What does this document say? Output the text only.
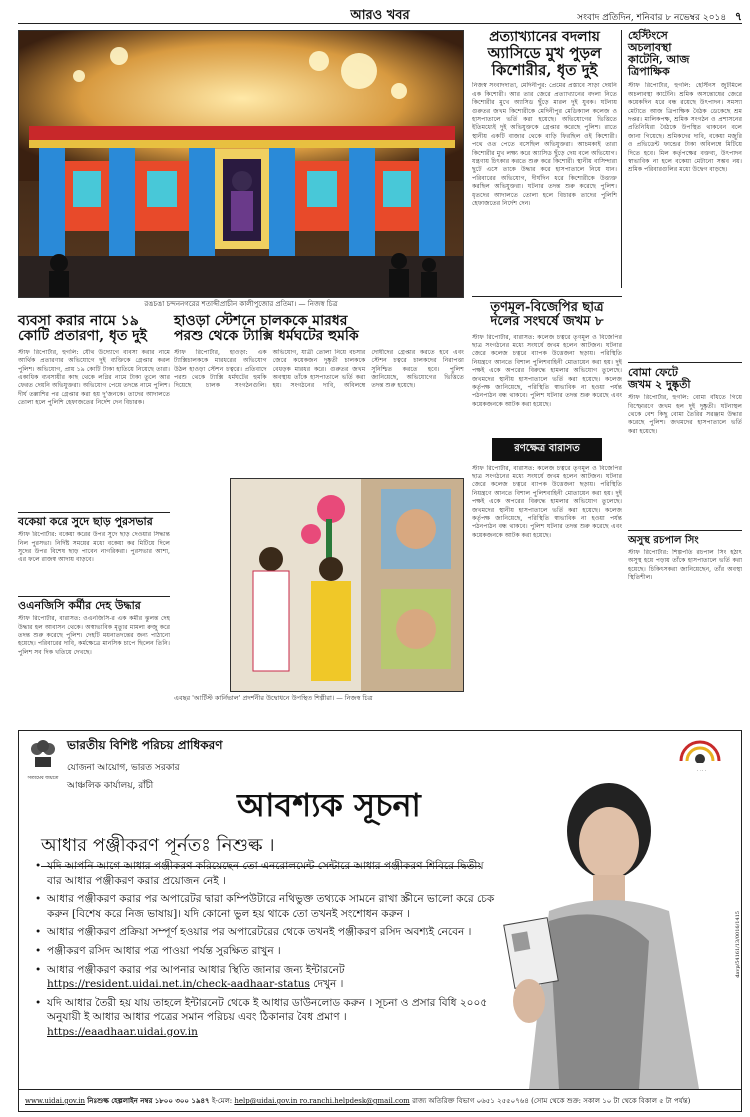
আরও খবর	সংবাদ প্রতিদিন, শনিবার ৮ নভেম্বর ২০১৪ ৭
রঙচঙা চন্দননগরের শতাব্দীপ্রাচীন কালীপুজোর প্রতিমা। — নিজস্ব চিত্র
প্রত্যাখ্যানের বদলায়
অ্যাসিডে মুখ পুড়ল
কিশোরীর, ধৃত দুই
নিজস্ব সংবাদদাতা, মেদিনীপুর: প্রেমের প্রস্তাবে সাড়া দেয়নি এক কিশোরী। আর তার জেরে প্রত্যাখ্যানের বদলা নিতে কিশোরীর মুখে অ্যাসিড ছুঁড়ে মারল দুই যুবক। ঘটনায় গুরুতর জখম কিশোরীকে মেদিনীপুর মেডিক্যাল কলেজ ও হাসপাতালে ভর্তি করা হয়েছে। অভিযোগের ভিত্তিতে ইতিমধ্যেই দুই অভিযুক্তকে গ্রেপ্তার করেছে পুলিশ। রাতে স্থানীয় একটি বাজার থেকে বাড়ি ফিরছিল ওই কিশোরী। পথে ওত পেতে বসেছিল অভিযুক্তরা। আচমকাই তারা কিশোরীর মুখ লক্ষ্য করে অ্যাসিড ছুঁড়ে দেয় বলে অভিযোগ। যন্ত্রণায় চিৎকার করতে শুরু করে কিশোরী। স্থানীয় বাসিন্দারা ছুটে এসে তাকে উদ্ধার করে হাসপাতালে নিয়ে যান। পরিবারের অভিযোগ, দীর্ঘদিন ধরে কিশোরীকে উত্ত্যক্ত করছিল অভিযুক্তরা। ঘটনার তদন্ত শুরু করেছে পুলিশ। ধৃতদের আদালতে তোলা হলে বিচারক তাদের পুলিশি হেফাজতের নির্দেশ দেন।
হেস্টিংসে
অচলাবস্থা
কাটেনি, আজ
ত্রিপাক্ষিক
স্টাফ রিপোর্টার, হুগলি: হেস্টিংস জুটমিলে অচলাবস্থা কাটেনি। শ্রমিক অসন্তোষের জেরে কয়েকদিন ধরে বন্ধ রয়েছে উৎপাদন। সমস্যা মেটাতে আজ ত্রিপাক্ষিক বৈঠক ডেকেছে শ্রম দপ্তর। মালিকপক্ষ, শ্রমিক সংগঠন ও প্রশাসনের প্রতিনিধিরা বৈঠকে উপস্থিত থাকবেন বলে জানা গিয়েছে। শ্রমিকদের দাবি, বকেয়া মজুরি ও প্রভিডেন্ট ফান্ডের টাকা অবিলম্বে মিটিয়ে দিতে হবে। মিল কর্তৃপক্ষের বক্তব্য, উৎপাদন স্বাভাবিক না হলে বকেয়া মেটানো সম্ভব নয়। শ্রমিক পরিবারগুলির মধ্যে উদ্বেগ বাড়ছে।
বোমা ফেটে
জখম ২ দুষ্কৃতী
স্টাফ রিপোর্টার, হুগলি: বোমা বাঁধতে গিয়ে বিস্ফোরণে জখম হল দুই দুষ্কৃতী। ঘটনাস্থল থেকে বেশ কিছু বোমা তৈরির সরঞ্জাম উদ্ধার করেছে পুলিশ। জখমদের হাসপাতালে ভর্তি করা হয়েছে।
অসুস্থ রচপাল সিং
স্টাফ রিপোর্টার: শিল্পপতি রচপাল সিং হঠাৎ অসুস্থ হয়ে পড়ায় তাঁকে হাসপাতালে ভর্তি করা হয়েছে। চিকিৎসকরা জানিয়েছেন, তাঁর অবস্থা স্থিতিশীল।
তৃণমূল-বিজেপির ছাত্র
দলের সংঘর্ষে জখম ৮
স্টাফ রিপোর্টার, বারাসত: কলেজ চত্বরে তৃণমূল ও বিজেপির ছাত্র সংগঠনের মধ্যে সংঘর্ষে জখম হলেন আটজন। ঘটনার জেরে কলেজ চত্বরে ব্যাপক উত্তেজনা ছড়ায়। পরিস্থিতি নিয়ন্ত্রণে আনতে বিশাল পুলিশবাহিনী মোতায়েন করা হয়। দুই পক্ষই একে অপরের বিরুদ্ধে হামলার অভিযোগ তুলেছে। জখমদের স্থানীয় হাসপাতালে ভর্তি করা হয়েছে। কলেজ কর্তৃপক্ষ জানিয়েছে, পরিস্থিতি স্বাভাবিক না হওয়া পর্যন্ত পঠনপাঠন বন্ধ থাকবে। পুলিশ ঘটনার তদন্ত শুরু করেছে এবং কয়েকজনকে আটক করা হয়েছে।
রণক্ষেত্র বারাসত
স্টাফ রিপোর্টার, বারাসত: কলেজ চত্বরে তৃণমূল ও বিজেপির ছাত্র সংগঠনের মধ্যে সংঘর্ষে জখম হলেন আটজন। ঘটনার জেরে কলেজ চত্বরে ব্যাপক উত্তেজনা ছড়ায়। পরিস্থিতি নিয়ন্ত্রণে আনতে বিশাল পুলিশবাহিনী মোতায়েন করা হয়। দুই পক্ষই একে অপরের বিরুদ্ধে হামলার অভিযোগ তুলেছে। জখমদের স্থানীয় হাসপাতালে ভর্তি করা হয়েছে। কলেজ কর্তৃপক্ষ জানিয়েছে, পরিস্থিতি স্বাভাবিক না হওয়া পর্যন্ত পঠনপাঠন বন্ধ থাকবে। পুলিশ ঘটনার তদন্ত শুরু করেছে এবং কয়েকজনকে আটক করা হয়েছে।
ব্যবসা করার নামে ১৯
কোটি প্রতারণা, ধৃত দুই
স্টাফ রিপোর্টার, হুগলি: যৌথ উদ্যোগে ব্যবসা করার নামে আর্থিক প্রতারণার অভিযোগে দুই ব্যক্তিকে গ্রেপ্তার করল পুলিশ। অভিযোগ, প্রায় ১৯ কোটি টাকা হাতিয়ে নিয়েছে তারা। একাধিক ব্যবসায়ীর কাছ থেকে লগ্নির নামে টাকা তুলে আর ফেরত দেয়নি অভিযুক্তরা। অভিযোগ পেয়ে তদন্তে নামে পুলিশ। দীর্ঘ তল্লাশির পর গ্রেপ্তার করা হয় দু'জনকে। তাদের আদালতে তোলা হলে পুলিশি হেফাজতের নির্দেশ দেন বিচারক।
হাওড়া স্টেশনে চালককে মারধর
পরশু থেকে ট্যাক্সি ধর্মঘটের হুমকি
স্টাফ রিপোর্টার, হাওড়া: এক ট্যাক্সিচালককে মারধরের অভিযোগ উঠল হাওড়া স্টেশন চত্বরে। প্রতিবাদে পরশু থেকে ট্যাক্সি ধর্মঘটের হুমকি দিয়েছে চালক সংগঠনগুলি। অভিযোগ, যাত্রী তোলা নিয়ে বচসার জেরে কয়েকজন দুষ্কৃতী চালককে বেধড়ক মারধর করে। গুরুতর জখম অবস্থায় তাঁকে হাসপাতালে ভর্তি করা হয়। সংগঠনের দাবি, অবিলম্বে দোষীদের গ্রেপ্তার করতে হবে এবং স্টেশন চত্বরে চালকদের নিরাপত্তা সুনিশ্চিত করতে হবে। পুলিশ জানিয়েছে, অভিযোগের ভিত্তিতে তদন্ত শুরু হয়েছে।
বকেয়া করে সুদে ছাড় পুরসভার
স্টাফ রিপোর্টার: বকেয়া করের উপর সুদে ছাড় দেওয়ার সিদ্ধান্ত নিল পুরসভা। নির্দিষ্ট সময়ের মধ্যে বকেয়া কর মিটিয়ে দিলে সুদের উপর বিশেষ ছাড় পাবেন নাগরিকরা। পুরসভার আশা, এর ফলে রাজস্ব আদায় বাড়বে।
ওএনজিসি কর্মীর দেহ উদ্ধার
স্টাফ রিপোর্টার, বারাসত: ওএনজিসি-র এক কর্মীর ঝুলন্ত দেহ উদ্ধার হল আবাসন থেকে। অস্বাভাবিক মৃত্যুর মামলা রুজু করে তদন্ত শুরু করেছে পুলিশ। দেহটি ময়নাতদন্তের জন্য পাঠানো হয়েছে। পরিবারের দাবি, কর্মক্ষেত্রে মানসিক চাপে ছিলেন তিনি। পুলিশ সব দিক খতিয়ে দেখছে।
এবছর 'আর্টিস্ট কার্নিভাল' প্রদর্শনীর উদ্বোধনে উপস্থিত শিল্পীরা। — নিজস্ব চিত্র
সত্যমেব জয়তে
ভারতীয় বিশিষ্ট পরিচয় প্রাধিকরণ
যোজনা আয়োগ, ভারত সরকার
আঞ্চলিক কার্যালয়, রাঁচী	আবশ্যক সূচনা
আধার পঞ্জীকরণ পূর্নতঃ নিশুল্ক ।
davp/54161/13/0016/1415
• যদি আপনি আগে আধার পঞ্জীকরণ করিয়েছেন তো এনরোলমেন্ট সেন্টারে আধার পঞ্জীকরণ শিবিরে দ্বিতীয় বার আধার পঞ্জীকরণ করার প্রয়োজন নেই ।
• আধার পঞ্জীকরণ করার পর অপারেটর দ্বারা কম্পিউটারে নথিভুক্ত তথ্যকে সামনে রাখা স্ক্রীনে ভালো করে চেক করুন [বিশেষ করে নিজ ভাষায়]। যদি কোনো ভুল হয় থাকে তো তখনই সংশোধন করুন ।
• আধার পঞ্জীকরণ প্রক্রিয়া সম্পূর্ণ হওয়ার পর অপারেটরের থেকে তখনই পঞ্জীকরণ রসিদ অবশ্যই নেবেন ।
• পঞ্জীকরণ রসিদ আধার পত্র পাওয়া পর্যন্ত সুরক্ষিত রাখুন ।
• আধার পঞ্জীকরণ করার পর আপনার আধার স্থিতি জানার জন্য ইন্টারনেট
https://resident.uidai.net.in/check-aadhaar-status দেখুন ।
• যদি আধার তৈরী হয় যায় তাহলে ইন্টারনেট থেকে ই আধার ডাউনলোড করুন । সূচনা ও প্রসার বিধি ২০০৫ অনুযায়ী ই আধার আধার পত্রের সমান পরিচয় এবং ঠিকানার বৈধ প্রমাণ ।
https://eaadhaar.uidai.gov.in
www.uidai.gov.in নিঃশুল্ক হেল্পলাইন নম্বর ১৮০০ ৩০০ ১৯৪৭ ই-মেল: help@uidai.gov.in ro.ranchi.helpdesk@gmail.com রাজ্য অতিরিক্ত বিভাগ ০৬৫১ ২৫৫০৭৬৪ (সোম থেকে শুক্র: সকাল ১০ টা থেকে বিকাল ৫ টা পর্যন্ত)
